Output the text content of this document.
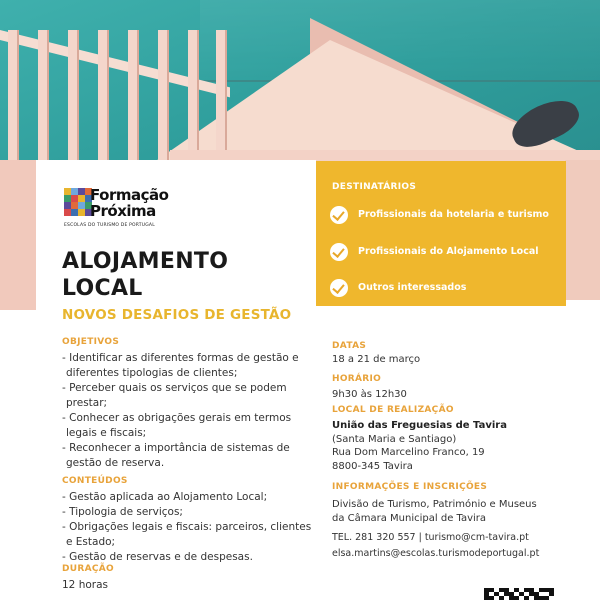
Formação
Próxima
ESCOLAS DO TURISMO DE PORTUGAL
ALOJAMENTO
LOCAL
NOVOS DESAFIOS DE GESTÃO
OBJETIVOS
- Identificar as diferentes formas de gestão e
diferentes tipologias de clientes;
- Perceber quais os serviços que se podem
prestar;
- Conhecer as obrigações gerais em termos
legais e fiscais;
- Reconhecer a importância de sistemas de
gestão de reserva.
CONTEÚDOS
- Gestão aplicada ao Alojamento Local;
- Tipologia de serviços;
- Obrigações legais e fiscais: parceiros, clientes
e Estado;
- Gestão de reservas e de despesas.
DURAÇÃO
12 horas
DESTINATÁRIOS
Profissionais da hotelaria e turismo
Profissionais do Alojamento Local
Outros interessados
DATAS
18 a 21 de março
HORÁRIO
9h30 às 12h30
LOCAL DE REALIZAÇÃO
União das Freguesias de Tavira
(Santa Maria e Santiago)
Rua Dom Marcelino Franco, 19
8800-345 Tavira
INFORMAÇÕES E INSCRIÇÕES
Divisão de Turismo, Património e Museus
da Câmara Municipal de Tavira
TEL. 281 320 557 | turismo@cm-tavira.pt
elsa.martins@escolas.turismodeportugal.pt
